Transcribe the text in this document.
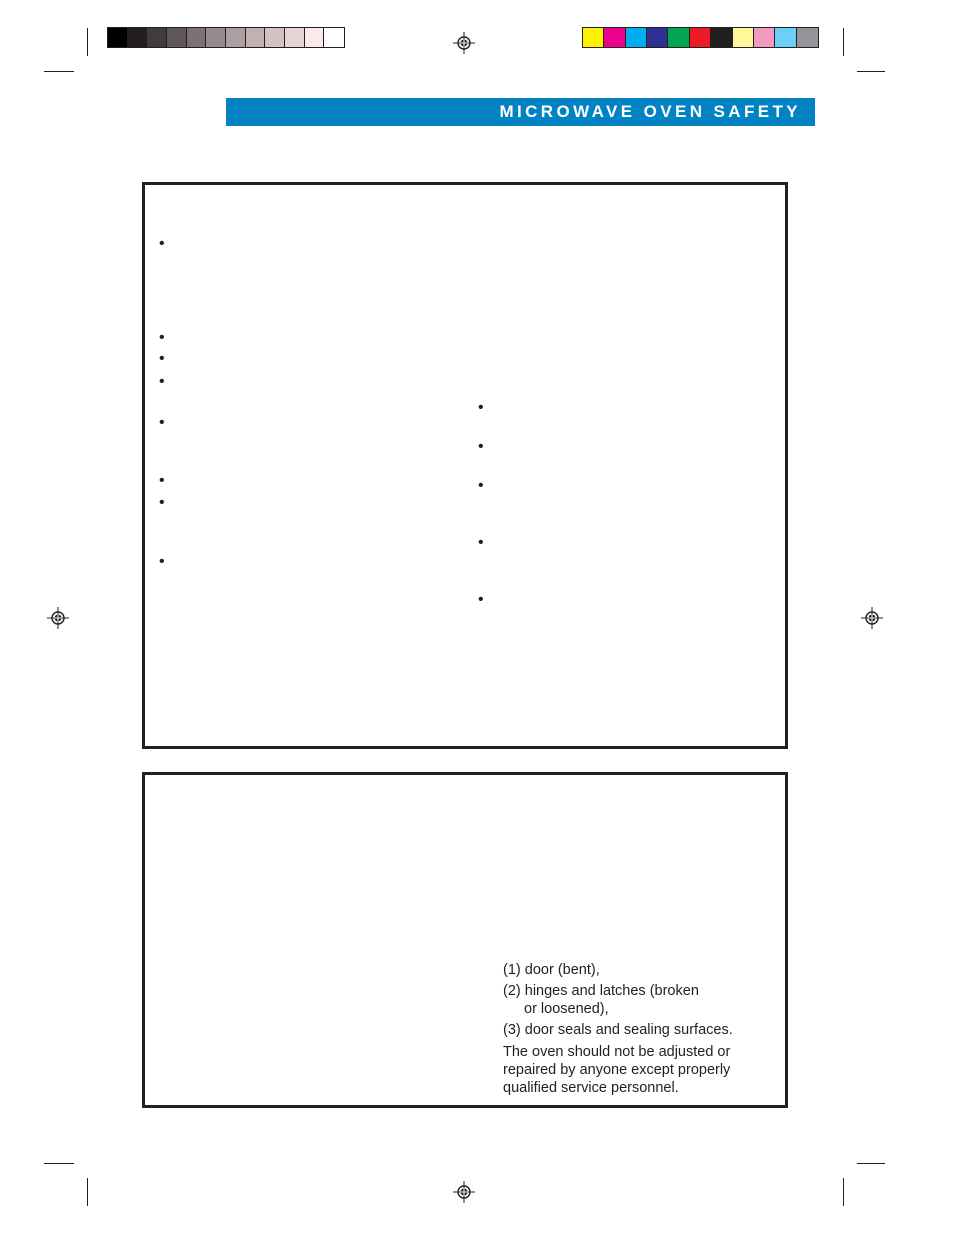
MICROWAVE OVEN SAFETY
•
•
•
•
•
•
•
•
•
•
•
•
•
(1) door (bent),
(2) hinges and latches (broken
or loosened),
(3) door seals and sealing surfaces.
The oven should not be adjusted or
repaired by anyone except properly
qualified service personnel.
